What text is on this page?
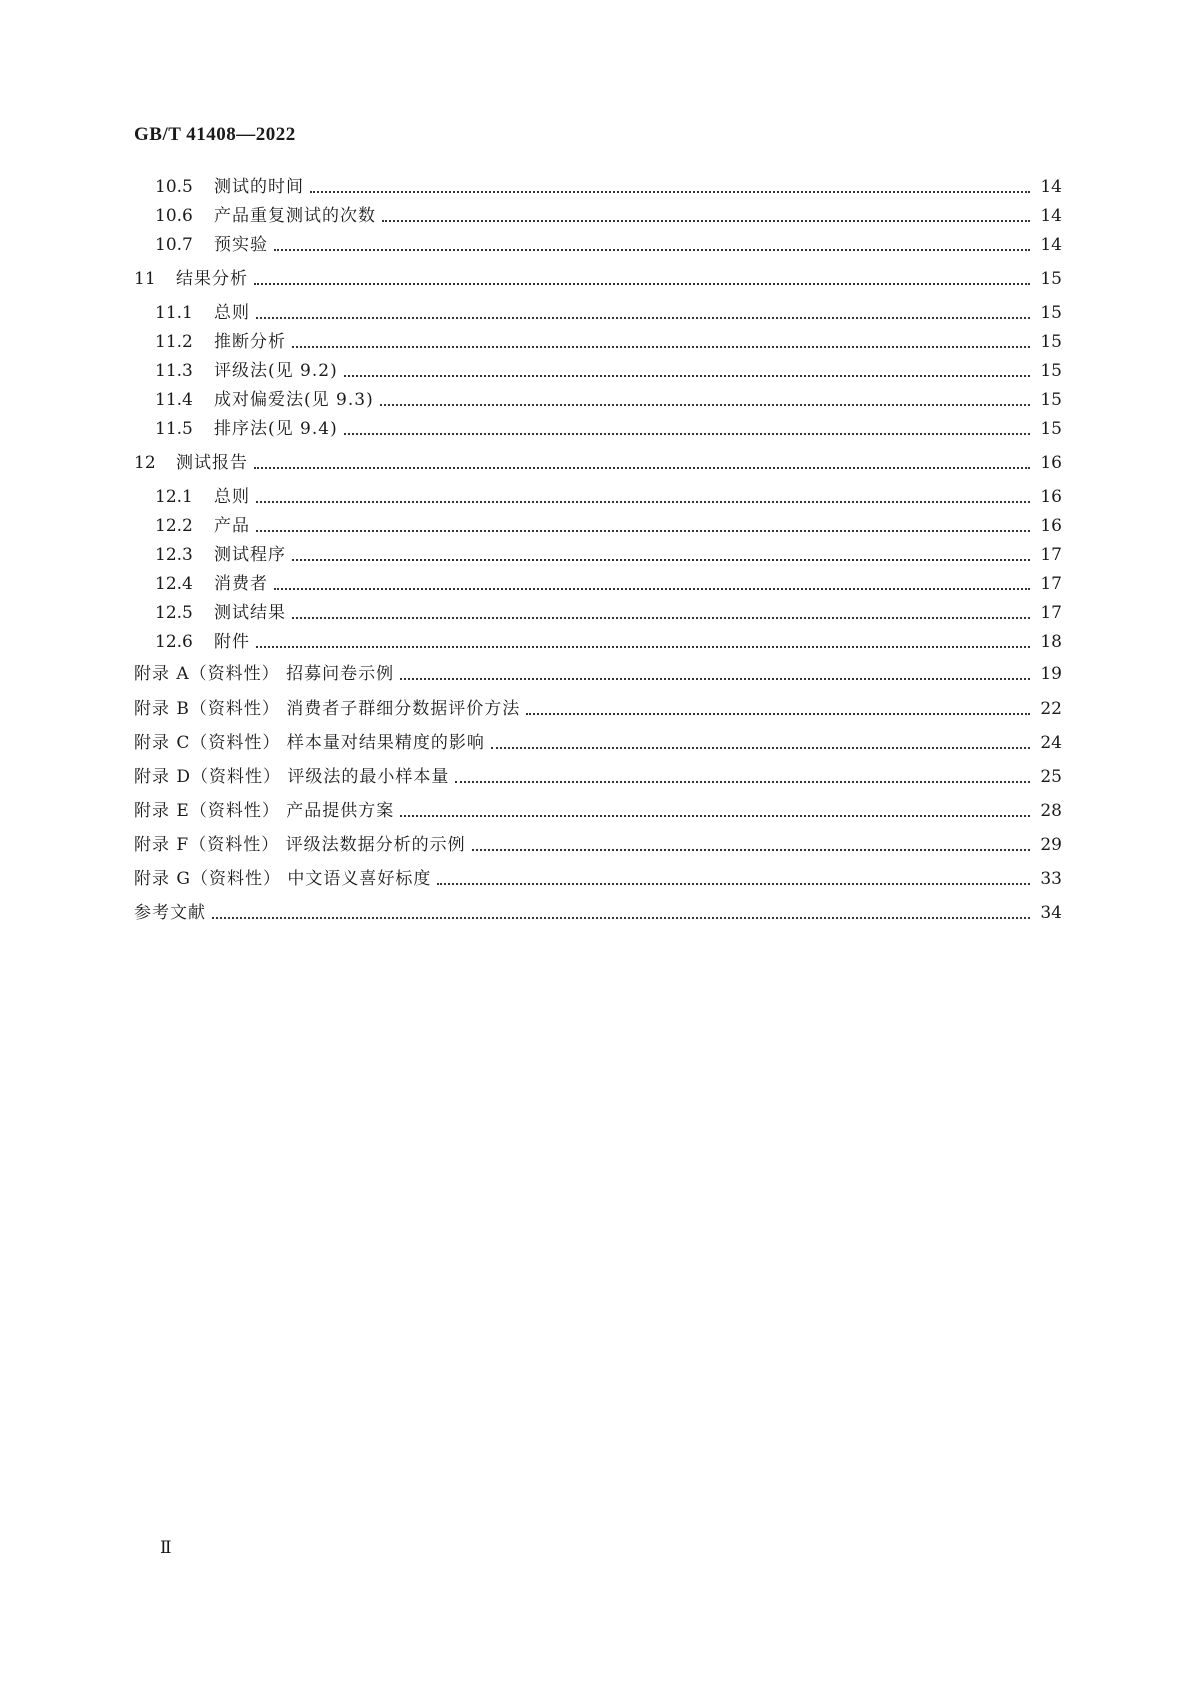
GB/T 41408—2022
10.5	测试的时间	14
10.6	产品重复测试的次数	14
10.7	预实验	14
11	结果分析	15
11.1	总则	15
11.2	推断分析	15
11.3	评级法(见 9.2)	15
11.4	成对偏爱法(见 9.3)	15
11.5	排序法(见 9.4)	15
12	测试报告	16
12.1	总则	16
12.2	产品	16
12.3	测试程序	17
12.4	消费者	17
12.5	测试结果	17
12.6	附件	18
附录 A（资料性） 招募问卷示例	19
附录 B（资料性） 消费者子群细分数据评价方法	22
附录 C（资料性） 样本量对结果精度的影响	24
附录 D（资料性） 评级法的最小样本量	25
附录 E（资料性） 产品提供方案	28
附录 F（资料性） 评级法数据分析的示例	29
附录 G（资料性） 中文语义喜好标度	33
参考文献	34
Ⅱ
